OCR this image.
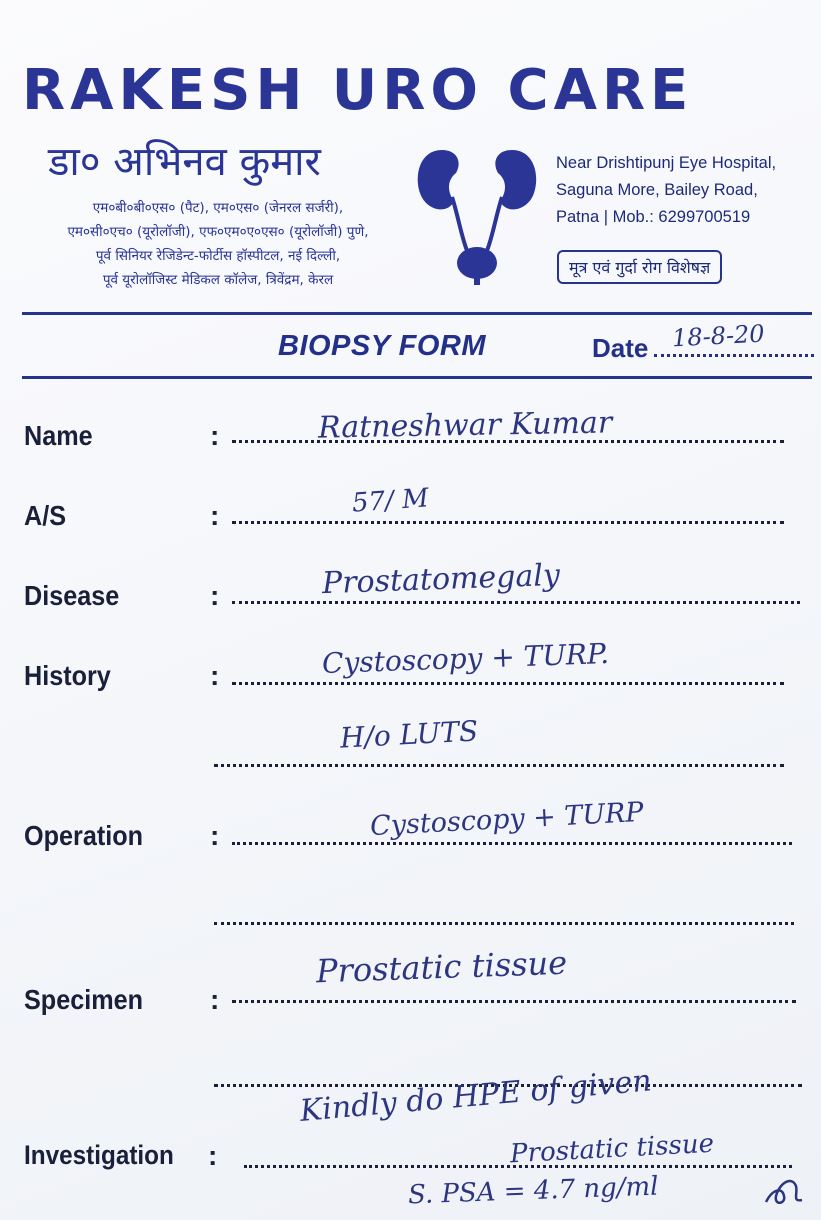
RAKESH URO CARE
डा० अभिनव कुमार
एम०बी०बी०एस० (पैट), एम०एस० (जेनरल सर्जरी),
एम०सी०एच० (यूरोलॉजी), एफ०एम०ए०एस० (यूरोलॉजी) पुणे,
पूर्व सिनियर रेजिडेन्ट-फोर्टीस हॉस्पीटल, नई दिल्ली,
पूर्व यूरोलॉजिस्ट मेडिकल कॉलेज, त्रिवेंद्रम, केरल
Near Drishtipunj Eye Hospital,
Saguna More, Bailey Road,
Patna | Mob.: 6299700519
मूत्र एवं गुर्दा रोग विशेषज्ञ
BIOPSY FORM	Date 18-8-20
Name	:	Ratneshwar Kumar
A/S	:	57/ M
Disease	:	Prostatomegaly
History	:	Cystoscopy + TURP.
H/o LUTS
Operation :	Cystoscopy + TURP
Specimen :
Prostatic tissue
Investigation :
Kindly do HPE of given
Prostatic tissue
S. PSA = 4.7 ng/ml
